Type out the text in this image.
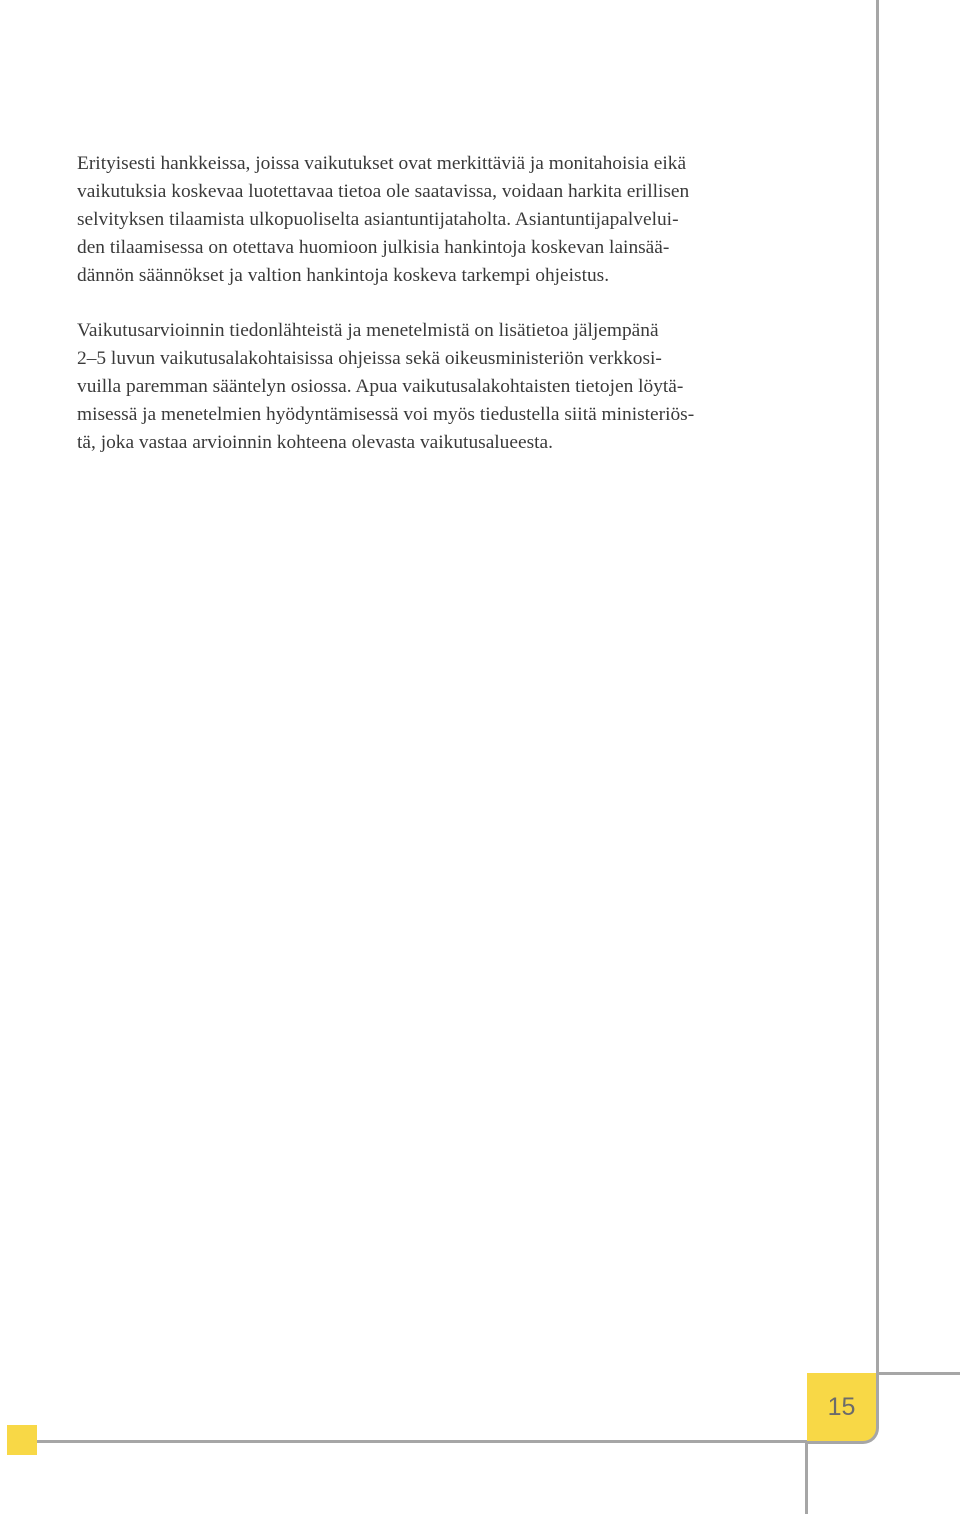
Erityisesti hankkeissa, joissa vaikutukset ovat merkittäviä ja monitahoisia eikä
vaikutuksia koskevaa luotettavaa tietoa ole saatavissa, voidaan harkita erillisen
selvityksen tilaamista ulkopuoliselta asiantuntijataholta. Asiantuntijapalvelui-
den tilaamisessa on otettava huomioon julkisia hankintoja koskevan lainsää-
dännön säännökset ja valtion hankintoja koskeva tarkempi ohjeistus.

Vaikutusarvioinnin tiedonlähteistä ja menetelmistä on lisätietoa jäljempänä
2–5 luvun vaikutusalakohtaisissa ohjeissa sekä oikeusministeriön verkkosi-
vuilla paremman sääntelyn osiossa. Apua vaikutusalakohtaisten tietojen löytä-
misessä ja menetelmien hyödyntämisessä voi myös tiedustella siitä ministeriös-
tä, joka vastaa arvioinnin kohteena olevasta vaikutusalueesta.

15
